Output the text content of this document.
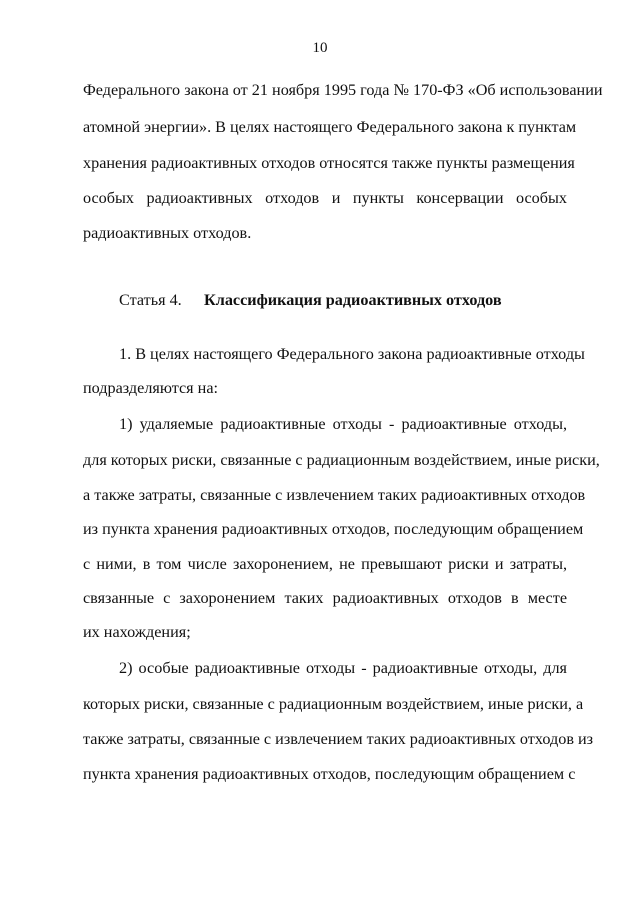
10
Федерального закона от 21 ноября 1995 года № 170-ФЗ «Об использовании
атомной энергии». В целях настоящего Федерального закона к пунктам
хранения радиоактивных отходов относятся также пункты размещения
особых радиоактивных отходов и пункты консервации особых
радиоактивных отходов.
Статья 4. Классификация радиоактивных отходов
1. В целях настоящего Федерального закона радиоактивные отходы
подразделяются на:
1) удаляемые радиоактивные отходы - радиоактивные отходы,
для которых риски, связанные с радиационным воздействием, иные риски,
а также затраты, связанные с извлечением таких радиоактивных отходов
из пункта хранения радиоактивных отходов, последующим обращением
с ними, в том числе захоронением, не превышают риски и затраты,
связанные с захоронением таких радиоактивных отходов в месте
их нахождения;
2) особые радиоактивные отходы - радиоактивные отходы, для
которых риски, связанные с радиационным воздействием, иные риски, а
также затраты, связанные с извлечением таких радиоактивных отходов из
пункта хранения радиоактивных отходов, последующим обращением с
